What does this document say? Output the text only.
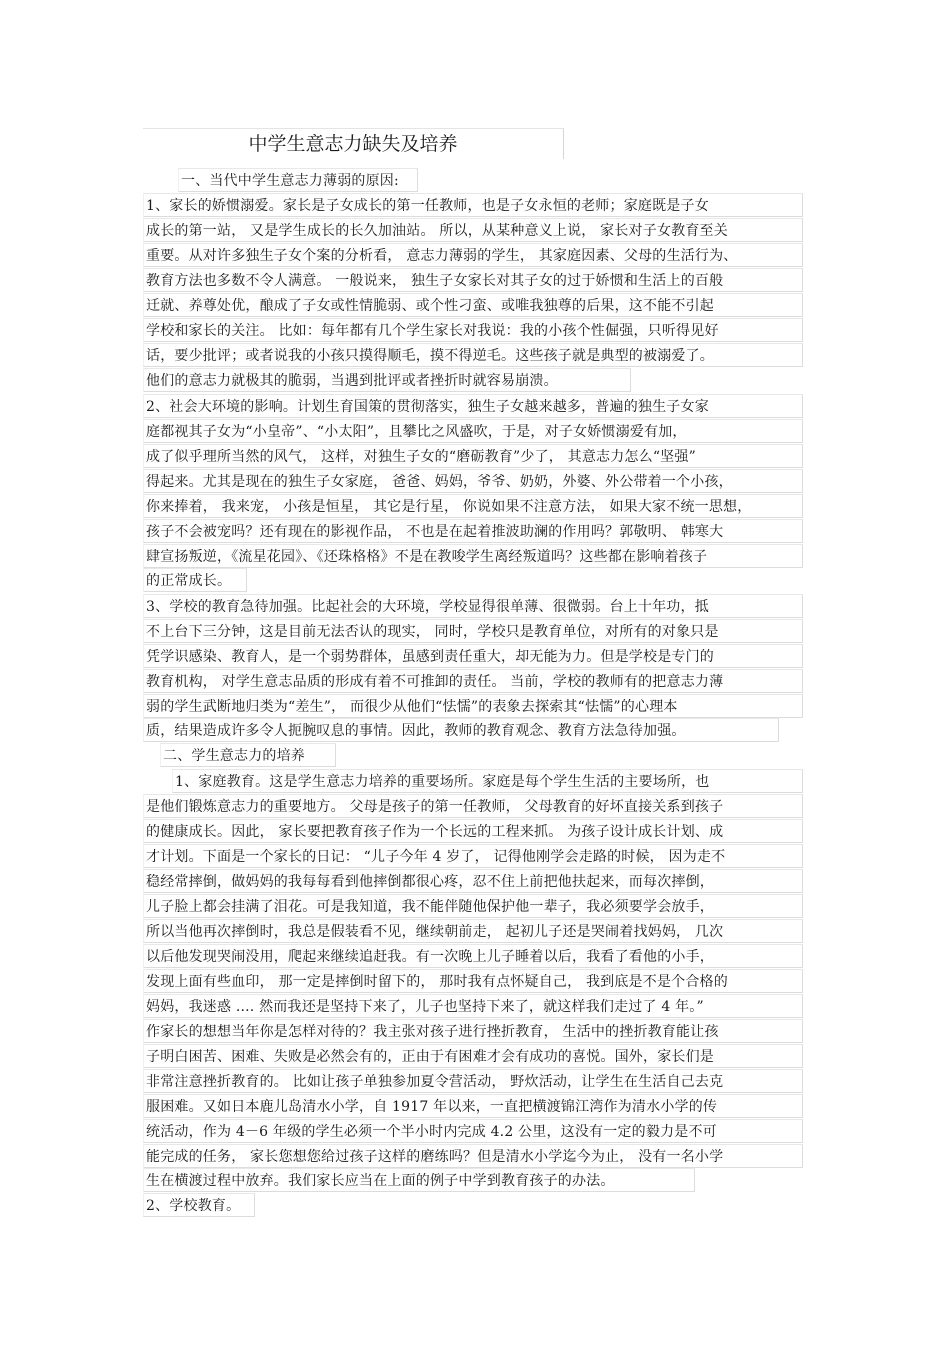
中学生意志力缺失及培养
一、当代中学生意志力薄弱的原因:
1、家长的娇惯溺爱。家长是子女成长的第一任教师，也是子女永恒的老师；家庭既是子女
成长的第一站， 又是学生成长的长久加油站。 所以，从某种意义上说， 家长对子女教育至关
重要。从对许多独生子女个案的分析看， 意志力薄弱的学生， 其家庭因素、父母的生活行为、
教育方法也多数不令人满意。 一般说来， 独生子女家长对其子女的过于娇惯和生活上的百般
迁就、养尊处优，酿成了子女或性情脆弱、或个性刁蛮、或唯我独尊的后果，这不能不引起
学校和家长的关注。 比如：每年都有几个学生家长对我说：我的小孩个性倔强，只听得见好
话，要少批评；或者说我的小孩只摸得顺毛，摸不得逆毛。这些孩子就是典型的被溺爱了。
他们的意志力就极其的脆弱，当遇到批评或者挫折时就容易崩溃。
2、社会大环境的影响。计划生育国策的贯彻落实，独生子女越来越多，普遍的独生子女家
庭都视其子女为“小皇帝”、“小太阳”，且攀比之风盛吹，于是，对子女娇惯溺爱有加，
成了似乎理所当然的风气， 这样，对独生子女的“磨砺教育”少了， 其意志力怎么“坚强”
得起来。尤其是现在的独生子女家庭， 爸爸、妈妈，爷爷、奶奶，外婆、外公带着一个小孩，
你来捧着， 我来宠， 小孩是恒星， 其它是行星， 你说如果不注意方法， 如果大家不统一思想，
孩子不会被宠吗？还有现在的影视作品， 不也是在起着推波助澜的作用吗？郭敬明、 韩寒大
肆宣扬叛逆，《流星花园》、《还珠格格》不是在教唆学生离经叛道吗？这些都在影响着孩子
的正常成长。
3、学校的教育急待加强。比起社会的大环境，学校显得很单薄、很微弱。台上十年功，抵
不上台下三分钟，这是目前无法否认的现实， 同时，学校只是教育单位，对所有的对象只是
凭学识感染、教育人，是一个弱势群体，虽感到责任重大，却无能为力。但是学校是专门的
教育机构， 对学生意志品质的形成有着不可推卸的责任。 当前，学校的教师有的把意志力薄
弱的学生武断地归类为“差生”， 而很少从他们“怯懦”的表象去探索其“怯懦”的心理本
质，结果造成许多令人扼腕叹息的事情。因此，教师的教育观念、教育方法急待加强。
二、学生意志力的培养
1、家庭教育。这是学生意志力培养的重要场所。家庭是每个学生生活的主要场所，也
是他们锻炼意志力的重要地方。 父母是孩子的第一任教师， 父母教育的好坏直接关系到孩子
的健康成长。因此， 家长要把教育孩子作为一个长远的工程来抓。 为孩子设计成长计划、成
才计划。下面是一个家长的日记： “儿子今年 4 岁了， 记得他刚学会走路的时候， 因为走不
稳经常摔倒，做妈妈的我每每看到他摔倒都很心疼，忍不住上前把他扶起来，而每次摔倒，
儿子脸上都会挂满了泪花。可是我知道，我不能伴随他保护他一辈子，我必须要学会放手，
所以当他再次摔倒时，我总是假装看不见，继续朝前走， 起初儿子还是哭闹着找妈妈， 几次
以后他发现哭闹没用，爬起来继续追赶我。有一次晚上儿子睡着以后，我看了看他的小手，
发现上面有些血印， 那一定是摔倒时留下的， 那时我有点怀疑自己， 我到底是不是个合格的
妈妈，我迷惑 .... 然而我还是坚持下来了，儿子也坚持下来了，就这样我们走过了 4 年。”
作家长的想想当年你是怎样对待的？我主张对孩子进行挫折教育， 生活中的挫折教育能让孩
子明白困苦、困难、失败是必然会有的，正由于有困难才会有成功的喜悦。国外，家长们是
非常注意挫折教育的。 比如让孩子单独参加夏令营活动， 野炊活动，让学生在生活自己去克
服困难。又如日本鹿儿岛清水小学，自 1917 年以来，一直把横渡锦江湾作为清水小学的传
统活动，作为 4－6 年级的学生必须一个半小时内完成 4.2 公里，这没有一定的毅力是不可
能完成的任务， 家长您想您给过孩子这样的磨练吗？但是清水小学迄今为止， 没有一名小学
生在横渡过程中放弃。我们家长应当在上面的例子中学到教育孩子的办法。
2、学校教育。
